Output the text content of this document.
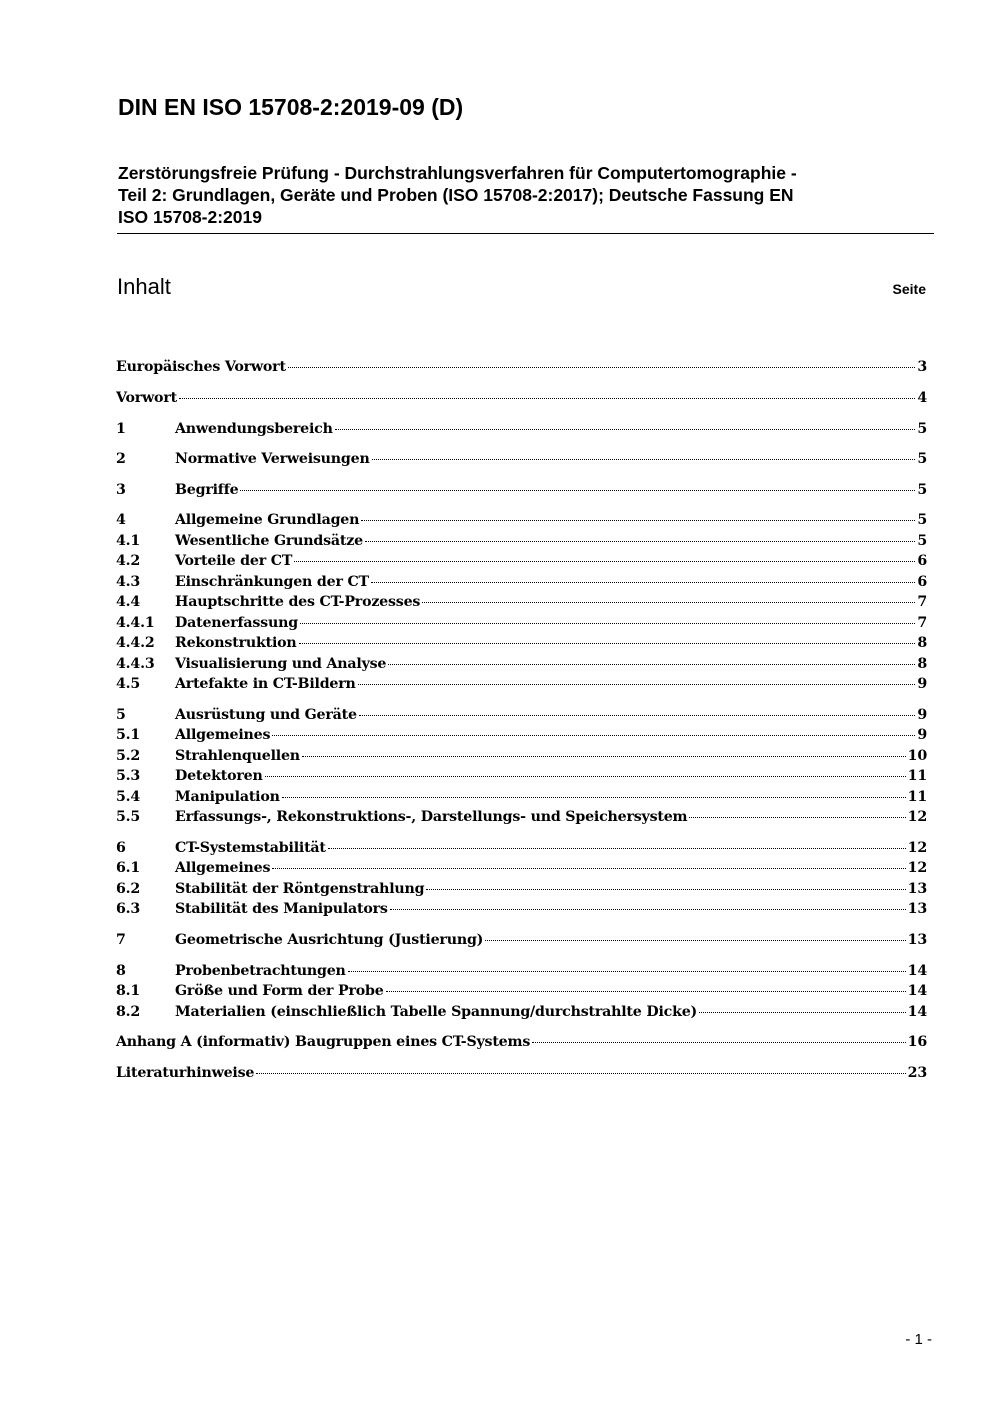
DIN EN ISO 15708-2:2019-09 (D)
Zerstörungsfreie Prüfung - Durchstrahlungsverfahren für Computertomographie -
Teil 2: Grundlagen, Geräte und Proben (ISO 15708-2:2017); Deutsche Fassung EN
ISO 15708-2:2019
Inhalt	Seite
Europäisches Vorwort	3
Vorwort	4
1	Anwendungsbereich	5
2	Normative Verweisungen	5
3	Begriffe	5
4	Allgemeine Grundlagen	5
4.1	Wesentliche Grundsätze	5
4.2	Vorteile der CT	6
4.3	Einschränkungen der CT	6
4.4	Hauptschritte des CT-Prozesses	7
4.4.1	Datenerfassung	7
4.4.2	Rekonstruktion	8
4.4.3	Visualisierung und Analyse	8
4.5	Artefakte in CT-Bildern	9
5	Ausrüstung und Geräte	9
5.1	Allgemeines	9
5.2	Strahlenquellen	10
5.3	Detektoren	11
5.4	Manipulation	11
5.5	Erfassungs-, Rekonstruktions-, Darstellungs- und Speichersystem	12
6	CT-Systemstabilität	12
6.1	Allgemeines	12
6.2	Stabilität der Röntgenstrahlung	13
6.3	Stabilität des Manipulators	13
7	Geometrische Ausrichtung (Justierung)	13
8	Probenbetrachtungen	14
8.1	Größe und Form der Probe	14
8.2	Materialien (einschließlich Tabelle Spannung/durchstrahlte Dicke)	14
Anhang A (informativ) Baugruppen eines CT-Systems	16
Literaturhinweise	23
- 1 -
